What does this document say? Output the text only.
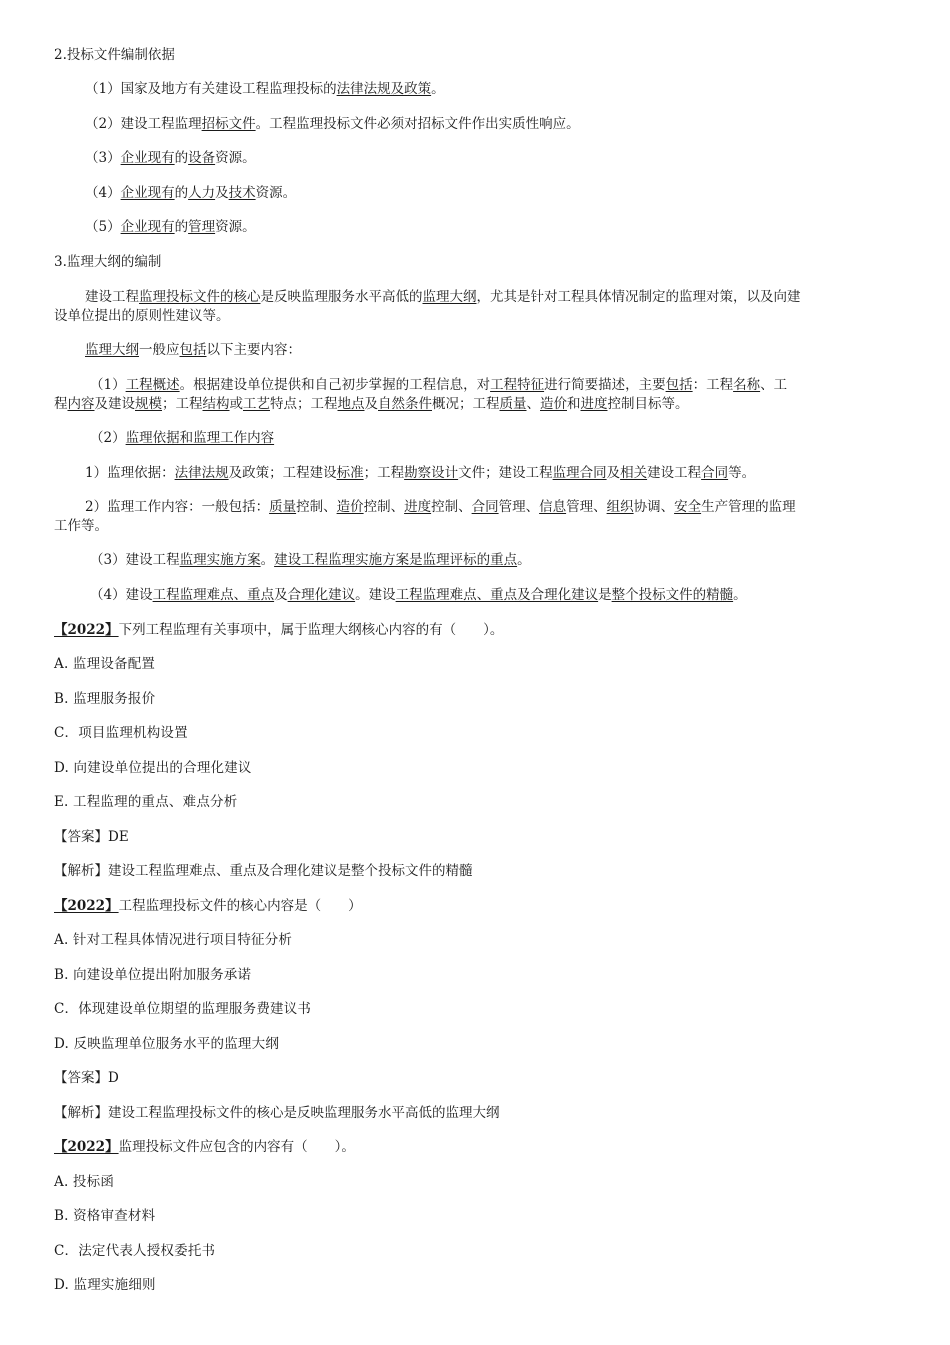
2.投标文件编制依据
（1）国家及地方有关建设工程监理投标的法律法规及政策。
（2）建设工程监理招标文件。工程监理投标文件必须对招标文件作出实质性响应。
（3）企业现有的设备资源。
（4）企业现有的人力及技术资源。
（5）企业现有的管理资源。
3.监理大纲的编制
建设工程监理投标文件的核心是反映监理服务水平高低的监理大纲，尤其是针对工程具体情况制定的监理对策，以及向建
设单位提出的原则性建议等。
监理大纲一般应包括以下主要内容：
（1）工程概述。根据建设单位提供和自己初步掌握的工程信息，对工程特征进行简要描述，主要包括：工程名称、工
程内容及建设规模；工程结构或工艺特点；工程地点及自然条件概况；工程质量、造价和进度控制目标等。
（2）监理依据和监理工作内容
1）监理依据：法律法规及政策；工程建设标准；工程勘察设计文件；建设工程监理合同及相关建设工程合同等。
2）监理工作内容：一般包括：质量控制、造价控制、进度控制、合同管理、信息管理、组织协调、安全生产管理的监理
工作等。
（3）建设工程监理实施方案。建设工程监理实施方案是监理评标的重点。
（4）建设工程监理难点、重点及合理化建议。建设工程监理难点、重点及合理化建议是整个投标文件的精髓。
【2022】下列工程监理有关事项中，属于监理大纲核心内容的有（　　）。
A. 监理设备配置
B. 监理服务报价
C．项目监理机构设置
D. 向建设单位提出的合理化建议
E. 工程监理的重点、难点分析
【答案】DE
【解析】建设工程监理难点、重点及合理化建议是整个投标文件的精髓
【2022】工程监理投标文件的核心内容是（　　）
A. 针对工程具体情况进行项目特征分析
B. 向建设单位提出附加服务承诺
C．体现建设单位期望的监理服务费建议书
D. 反映监理单位服务水平的监理大纲
【答案】D
【解析】建设工程监理投标文件的核心是反映监理服务水平高低的监理大纲
【2022】监理投标文件应包含的内容有（　　）。
A. 投标函
B. 资格审查材料
C．法定代表人授权委托书
D. 监理实施细则
